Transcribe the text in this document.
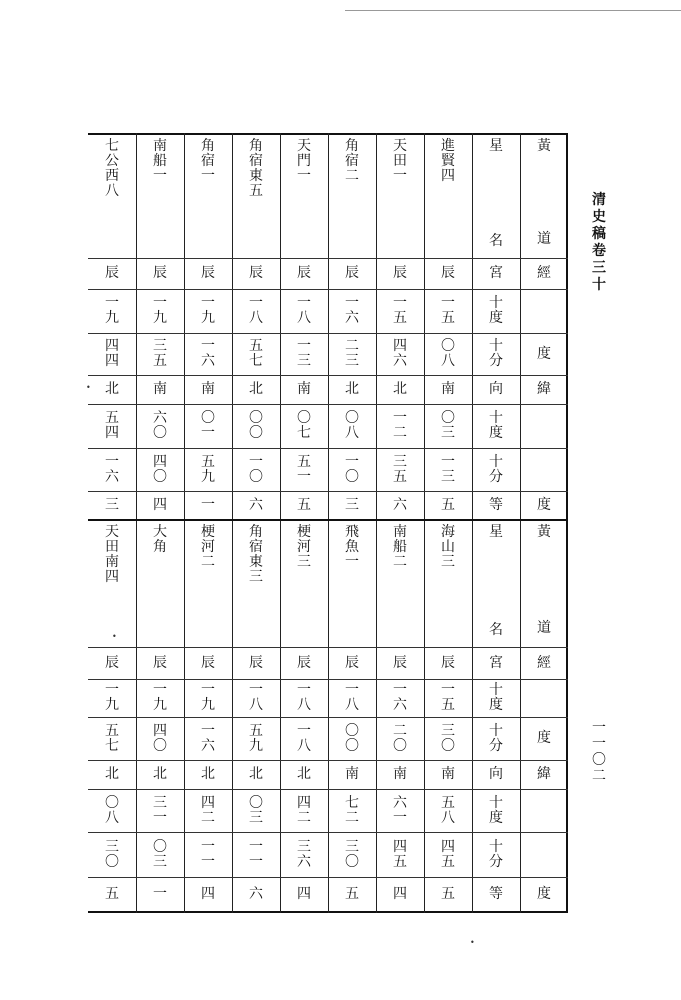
清史稿卷三十
一一〇二
進
賢
四
辰
一
五
〇
八
南
〇
三
一
三
五
天
田
一
辰
一
五
四
六
北
一
二
三
五
六
角
宿
二
辰
一
六
二
三
北
〇
八
一
〇
三
天
門
一
辰
一
八
一
三
南
〇
七
五
一
五
角
宿
東
五
辰
一
八
五
七
北
〇
〇
一
〇
六
角
宿
一
辰
一
九
一
六
南
〇
一
五
九
一
南
船
一
辰
一
九
三
五
南
六
〇
四
〇
四
七
公
西
八
辰
一
九
四
四
北
五
四
一
六
三
星
名
宮
十
度
十
分
向
十
度
十
分
等
黃
道
經
度
緯
度
海
山
三
辰
一
五
三
〇
南
五
八
四
五
五
南
船
二
辰
一
六
二
〇
南
六
一
四
五
四
飛
魚
一
辰
一
八
〇
〇
南
七
二
三
〇
五
梗
河
三
辰
一
八
一
八
北
四
二
三
六
四
角
宿
東
三
辰
一
八
五
九
北
〇
三
一
一
六
梗
河
二
辰
一
九
一
六
北
四
二
一
一
四
大
角
辰
一
九
四
〇
北
三
一
〇
三
一
天
田
南
四
辰
一
九
五
七
北
〇
八
三
〇
五
星
名
宮
十
度
十
分
向
十
度
十
分
等
黃
道
經
度
緯
度
•
•
•
